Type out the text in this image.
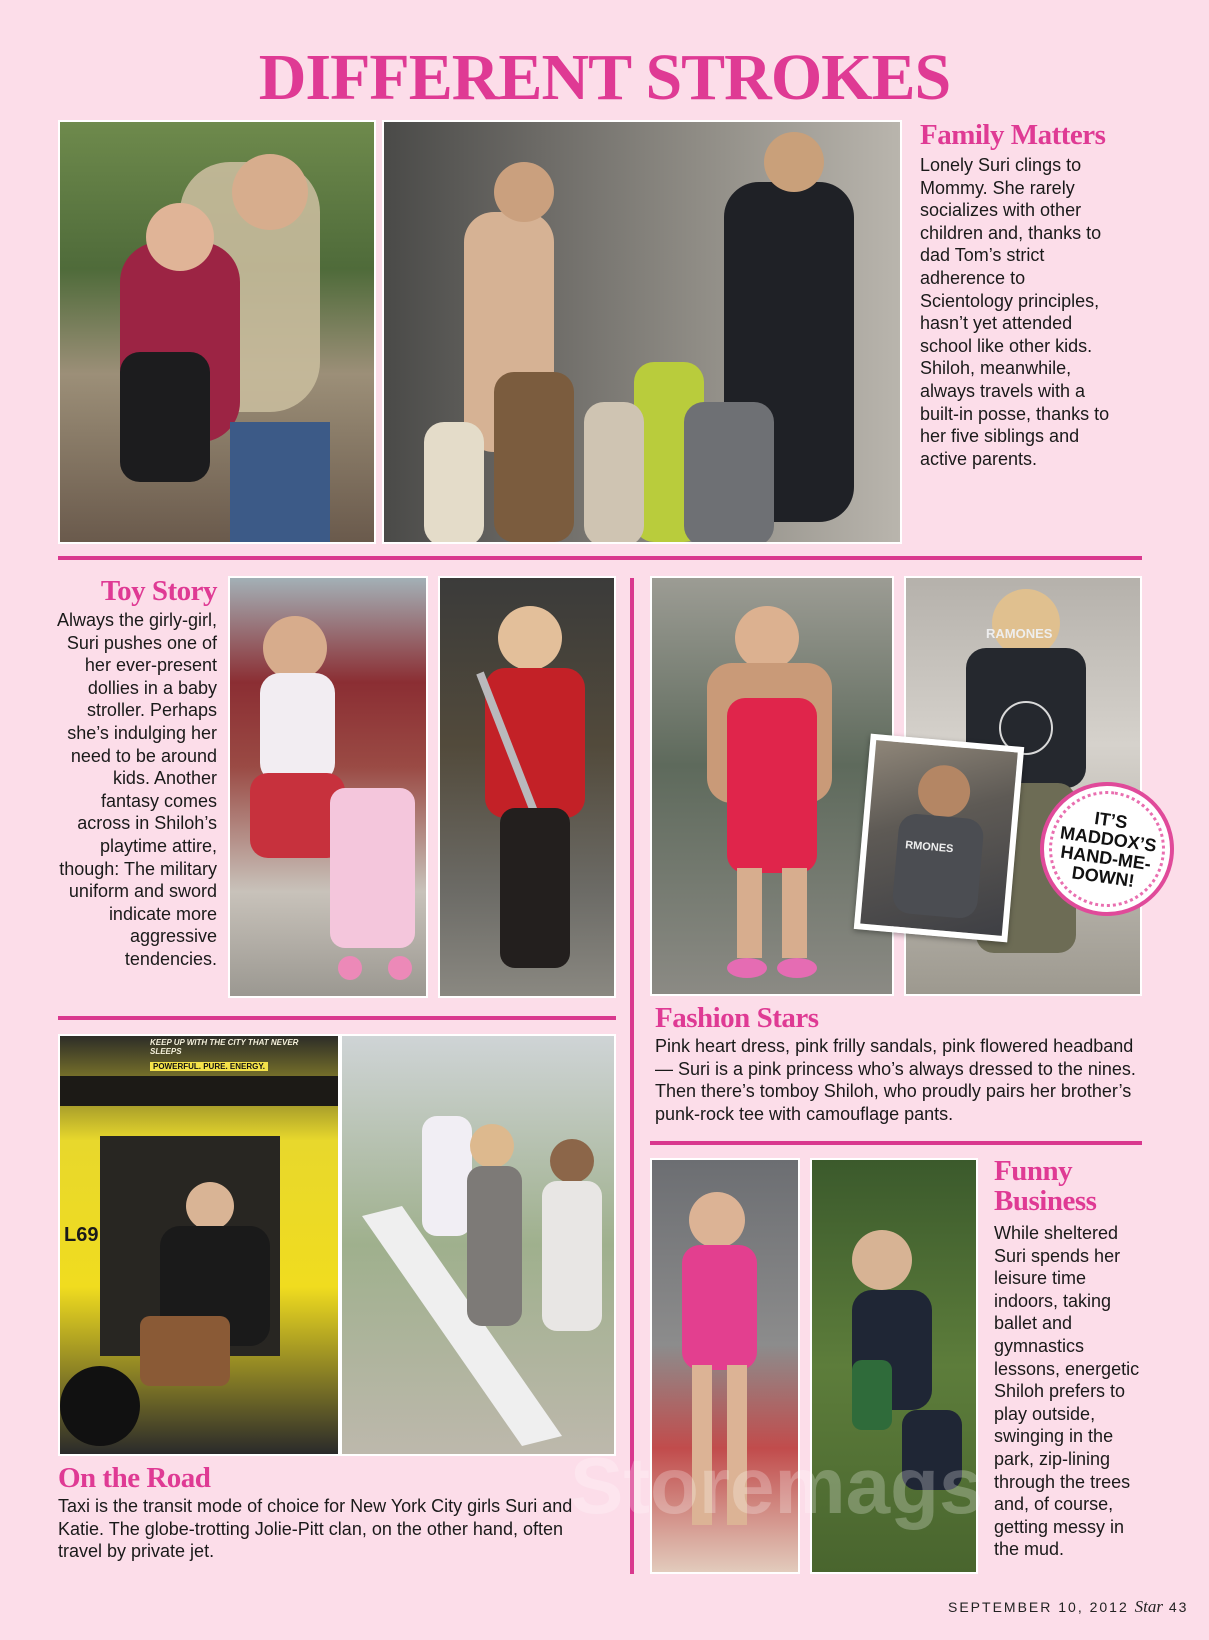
DIFFERENT STROKES
Family Matters
Lonely Suri clings to Mommy. She rarely socializes with other children and, thanks to dad Tom’s strict adherence to Scientology principles, hasn’t yet attended school like other kids. Shiloh, meanwhile, always travels with a built-in posse, thanks to her five siblings and active parents.
Toy Story
Always the girly-girl, Suri pushes one of her ever-present dollies in a baby stroller. Perhaps she’s indulging her need to be around kids. Another fantasy comes across in Shiloh’s playtime attire, though: The military uniform and sword indicate more aggressive tendencies.
RAMONES
RMONES
IT’S MADDOX’S HAND-ME-DOWN!
Fashion Stars
Pink heart dress, pink frilly sandals, pink flowered headband — Suri is a pink princess who’s always dressed to the nines. Then there’s tomboy Shiloh, who proudly pairs her brother’s punk-rock tee with camouflage pants.
KEEP UP WITH THE CITY THAT NEVER SLEEPS
POWERFUL. PURE. ENERGY.
L69
On the Road
Taxi is the transit mode of choice for New York City girls Suri and Katie. The globe-trotting Jolie-Pitt clan, on the other hand, often travel by private jet.
Funny Business
While sheltered Suri spends her leisure time indoors, taking ballet and gymnastics lessons, energetic Shiloh prefers to play outside, swinging in the park, zip-lining through the trees and, of course, getting messy in the mud.
Storemags
SEPTEMBER 10, 2012 Star 43
